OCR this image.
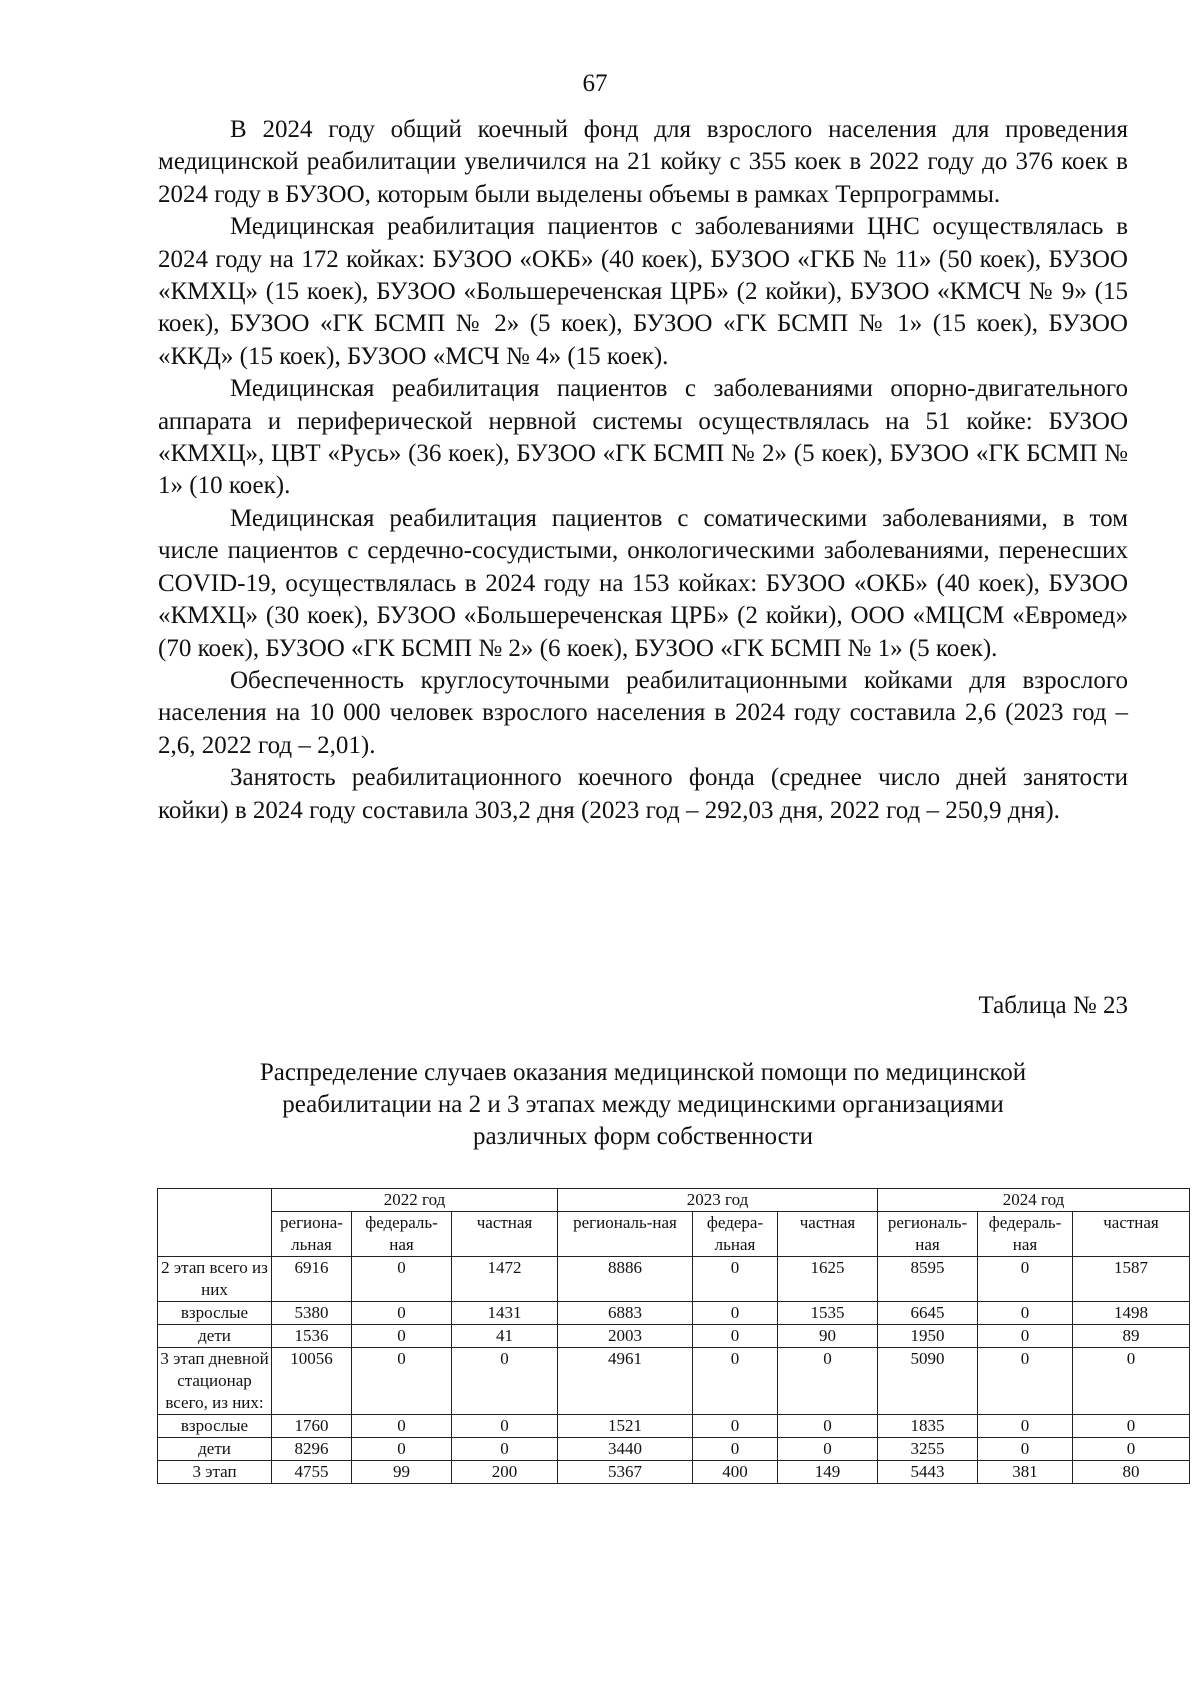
67

В 2024 году общий коечный фонд для взрослого населения для проведения медицинской реабилитации увеличился на 21 койку с 355 коек в 2022 году до 376 коек в 2024 году в БУЗОО, которым были выделены объемы в рамках Терпрограммы.

Медицинская реабилитация пациентов с заболеваниями ЦНС осуществлялась в 2024 году на 172 койках: БУЗОО «ОКБ» (40 коек), БУЗОО «ГКБ № 11» (50 коек), БУЗОО «КМХЦ» (15 коек), БУЗОО «Большереченская ЦРБ» (2 койки), БУЗОО «КМСЧ № 9» (15 коек), БУЗОО «ГК БСМП № 2» (5 коек), БУЗОО «ГК БСМП № 1» (15 коек), БУЗОО «ККД» (15 коек), БУЗОО «МСЧ № 4» (15 коек).

Медицинская реабилитация пациентов с заболеваниями опорно-двигательного аппарата и периферической нервной системы осуществлялась на 51 койке: БУЗОО «КМХЦ», ЦВТ «Русь» (36 коек), БУЗОО «ГК БСМП № 2» (5 коек), БУЗОО «ГК БСМП № 1» (10 коек).

Медицинская реабилитация пациентов с соматическими заболеваниями, в том числе пациентов с сердечно-сосудистыми, онкологическими заболеваниями, перенесших COVID-19, осуществлялась в 2024 году на 153 койках: БУЗОО «ОКБ» (40 коек), БУЗОО «КМХЦ» (30 коек), БУЗОО «Большереченская ЦРБ» (2 койки), ООО «МЦСМ «Евромед» (70 коек), БУЗОО «ГК БСМП № 2» (6 коек), БУЗОО «ГК БСМП № 1» (5 коек).

Обеспеченность круглосуточными реабилитационными койками для взрослого населения на 10 000 человек взрослого населения в 2024 году составила 2,6 (2023 год – 2,6, 2022 год – 2,01).

Занятость реабилитационного коечного фонда (среднее число дней занятости койки) в 2024 году составила 303,2 дня (2023 год – 292,03 дня, 2022 год – 250,9 дня).

Таблица № 23
Распределение случаев оказания медицинской помощи по медицинской
реабилитации на 2 и 3 этапах между медицинскими организациями
различных форм собственности
	2022 год			2023 год			2024 год		
	регионa-льная	федераль-ная	частная	региональ-ная	федера-льная	частная	региональ-ная	федераль-ная	частная
2 этап всего из них	6916	0	1472	8886	0	1625	8595	0	1587
взрослые	5380	0	1431	6883	0	1535	6645	0	1498
дети	1536	0	41	2003	0	90	1950	0	89
3 этап дневной стационар всего, из них:	10056	0	0	4961	0	0	5090	0	0
взрослые	1760	0	0	1521	0	0	1835	0	0
дети	8296	0	0	3440	0	0	3255	0	0
3 этап	4755	99	200	5367	400	149	5443	381	80
